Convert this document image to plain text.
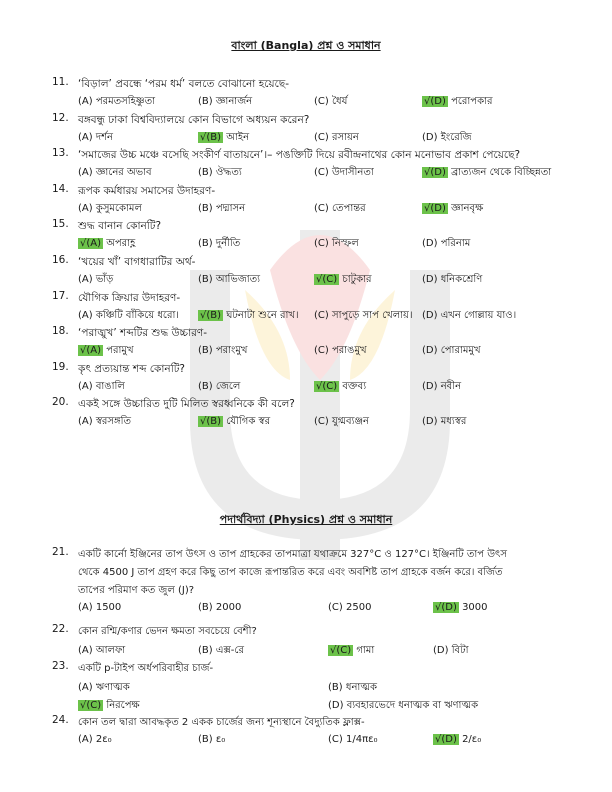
বাংলা (Bangla) প্রশ্ন ও সমাধান
11. ‘বিড়াল’ প্রবন্ধে ‘পরম ধর্ম’ বলতে বোঝানো হয়েছে-
(A) পরমতসহিষ্ণুতা	(B) জ্ঞানার্জন	(C) ধৈর্য	√(D) পরোপকার
12. বঙ্গবন্ধু ঢাকা বিশ্ববিদ্যালয়ে কোন বিভাগে অধ্যয়ন করেন?
(A) দর্শন	√(B) আইন	(C) রসায়ন	(D) ইংরেজি
13. ‘সমাজের উচ্চ মঞ্চে বসেছি সংকীর্ণ বাতায়নে’।– পঙক্তিটি দিয়ে রবীন্দ্রনাথের কোন মনোভাব প্রকাশ পেয়েছে?
(A) জ্ঞানের অভাব	(B) ঔদ্ধত্য	(C) উদাসীনতা	√(D) ব্রাত্যজন থেকে বিচ্ছিন্নতা
14. রূপক কর্মধারয় সমাসের উদাহরণ-
(A) কুসুমকোমল	(B) পদ্মাসন	(C) তেপান্তর	√(D) জ্ঞানবৃক্ষ
15. শুদ্ধ বানান কোনটি?
√(A) অপরাহ্ণ	(B) দুর্নীতি	(C) নিস্ফল	(D) পরিনাম
16. ‘খয়ের খাঁ’ বাগধারাটির অর্থ-
(A) ভাঁড়	(B) আভিজাত্য	√(C) চাটুকার	(D) ধনিকশ্রেণি
17. যৌগিক ক্রিয়ার উদাহরণ-
(A) কঞ্চিটি বাঁকিয়ে ধরো। √(B) ঘটনাটা শুনে রাখ। (C) সাপুড়ে সাপ খেলায়। (D) এখন গোল্লায় যাও।
18. ‘পরাঙ্মুখ’ শব্দটির শুদ্ধ উচ্চারণ-
√(A) পরামুখ	(B) পরাংমুখ	(C) পরাঙমুখ	(D) পোরামমুখ
19. কৃৎ প্রত্যয়ান্ত শব্দ কোনটি?
(A) বাঙালি	(B) জেলে	√(C) বক্তব্য	(D) নবীন
20. একই সঙ্গে উচ্চারিত দুটি মিলিত স্বরধ্বনিকে কী বলে?
(A) স্বরসঙ্গতি	√(B) যৌগিক স্বর	(C) যুগ্মব্যঞ্জন	(D) মধ্যস্বর
পদার্থবিদ্যা (Physics) প্রশ্ন ও সমাধান
21. একটি কার্নো ইঞ্জিনের তাপ উৎস ও তাপ গ্রাহকের তাপমাত্রা যথাক্রমে 327°C ও 127°C। ইঞ্জিনটি তাপ উৎস
থেকে 4500 J তাপ গ্রহণ করে কিছু তাপ কাজে রূপান্তরিত করে এবং অবশিষ্ট তাপ গ্রাহকে বর্জন করে। বর্জিত
তাপের পরিমাণ কত জুল (J)?
(A) 1500	(B) 2000	(C) 2500	√(D) 3000
22. কোন রশ্মি/কণার ভেদন ক্ষমতা সবচেয়ে বেশী?
(A) আলফা	(B) এক্স-রে	√(C) গামা	(D) বিটা
23. একটি p-টাইপ অর্ধপরিবাহীর চার্জ-
(A) ঋণাত্মক	(B) ধনাত্মক
√(C) নিরপেক্ষ	(D) ব্যবহারভেদে ধনাত্মক বা ঋণাত্মক
24. কোন তল দ্বারা আবদ্ধকৃত 2 একক চার্জের জন্য শূন্যস্থানে বৈদ্যুতিক ফ্লাক্স-
(A) 2ε₀	(B) ε₀	(C) 1/4πε₀	√(D) 2/ε₀
